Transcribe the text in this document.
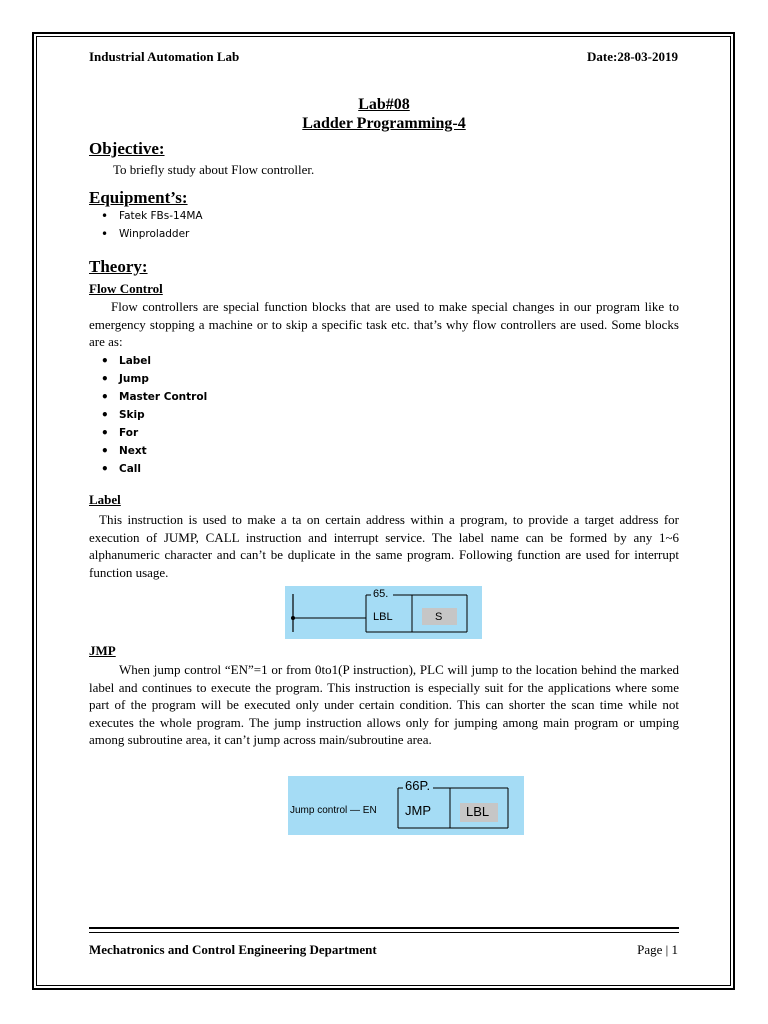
Industrial Automation Lab	Date:28-03-2019
Lab#08
Ladder Programming-4
Objective:
To briefly study about Flow controller.
Equipment’s:
• Fatek FBs-14MA
• Winproladder
Theory:
Flow Control
Flow controllers are special function blocks that are used to make special changes in our program like to emergency stopping a machine or to skip a specific task etc. that’s why flow controllers are used. Some blocks are as:
• Label
• Jump
• Master Control
• Skip
• For
• Next
• Call
Label
This instruction is used to make a ta on certain address within a program, to provide a target address for execution of JUMP, CALL instruction and interrupt service. The label name can be formed by any 1~6 alphanumeric character and can’t be duplicate in the same program. Following function are used for interrupt function usage.
65.
LBL	S
JMP
When jump control “EN”=1 or from 0to1(P instruction), PLC will jump to the location behind the marked label and continues to execute the program. This instruction is especially suit for the applications where some part of the program will be executed only under certain condition. This can shorter the scan time while not executes the whole program. The jump instruction allows only for jumping among main program or umping among subroutine area, it can’t jump across main/subroutine area.
Jump control — EN
66P.
JMP	LBL
Mechatronics and Control Engineering Department	Page | 1
